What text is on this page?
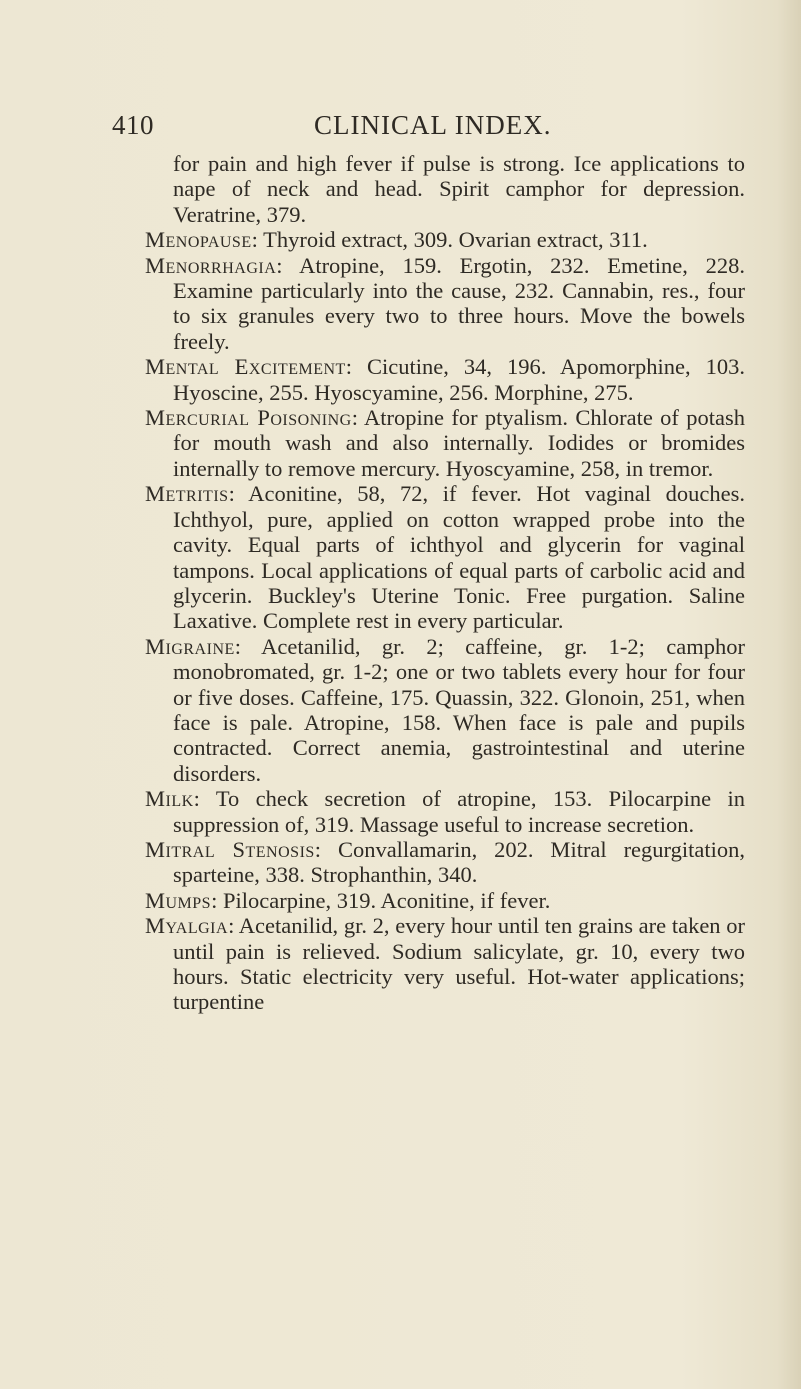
410	CLINICAL INDEX.

for pain and high fever if pulse is strong. Ice applications to nape of neck and head. Spirit camphor for depression. Veratrine, 379.

Menopause: Thyroid extract, 309. Ovarian extract, 311.

Menorrhagia: Atropine, 159. Ergotin, 232. Emetine, 228. Examine particularly into the cause, 232. Cannabin, res., four to six granules every two to three hours. Move the bowels freely.

Mental Excitement: Cicutine, 34, 196. Apomorphine, 103. Hyoscine, 255. Hyoscyamine, 256. Morphine, 275.

Mercurial Poisoning: Atropine for ptyalism. Chlorate of potash for mouth wash and also internally. Iodides or bromides internally to remove mercury. Hyoscyamine, 258, in tremor.

Metritis: Aconitine, 58, 72, if fever. Hot vaginal douches. Ichthyol, pure, applied on cotton wrapped probe into the cavity. Equal parts of ichthyol and glycerin for vaginal tampons. Local applications of equal parts of carbolic acid and glycerin. Buckley's Uterine Tonic. Free purgation. Saline Laxative. Complete rest in every particular.

Migraine: Acetanilid, gr. 2; caffeine, gr. 1-2; camphor monobromated, gr. 1-2; one or two tablets every hour for four or five doses. Caffeine, 175. Quassin, 322. Glonoin, 251, when face is pale. Atropine, 158. When face is pale and pupils contracted. Correct anemia, gastrointestinal and uterine disorders.

Milk: To check secretion of atropine, 153. Pilocarpine in suppression of, 319. Massage useful to increase secretion.

Mitral Stenosis: Convallamarin, 202. Mitral regurgitation, sparteine, 338. Strophanthin, 340.

Mumps: Pilocarpine, 319. Aconitine, if fever.

Myalgia: Acetanilid, gr. 2, every hour until ten grains are taken or until pain is relieved. Sodium salicylate, gr. 10, every two hours. Static electricity very useful. Hot-water applications; turpentine
